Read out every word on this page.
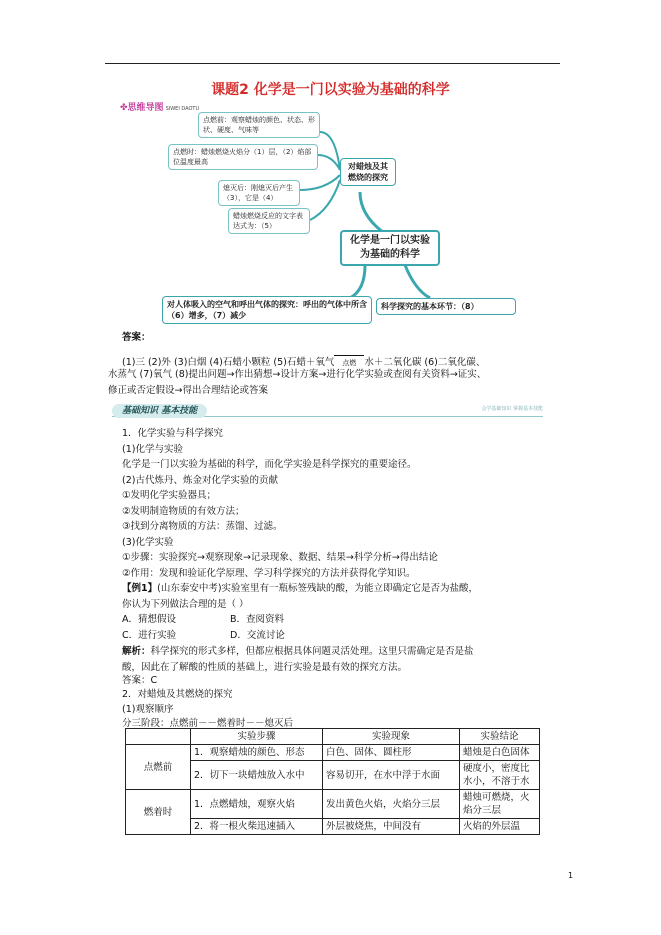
课题2 化学是一门以实验为基础的科学
✤思维导图 SIWEI DAOTU
点燃前：观察蜡烛的颜色、状态、形状、硬度、气味等
点燃时：蜡烛燃烧火焰分（1）层，（2）焰部位温度最高
熄灭后：刚熄灭后产生（3），它是（4）
蜡烛燃烧反应的文字表达式为：（5）
对蜡烛及其燃烧的探究
化学是一门以实验为基础的科学
对人体吸入的空气和呼出气体的探究：呼出的气体中所含（6）增多，（7）减少
科学探究的基本环节：（8）
答案：
(1)三 (2)外 (3)白烟 (4)石蜡小颗粒 (5)石蜡＋氧气	点燃 水＋二氧化碳 (6)二氧化碳、
水蒸气 (7)氧气 (8)提出问题→作出猜想→设计方案→进行化学实验或查阅有关资料→证实、
修正或否定假设→得出合理结论或答案
基础知识 基本技能	会学基础知识 掌握基本技能
1．化学实验与科学探究
(1)化学与实验
化学是一门以实验为基础的科学，而化学实验是科学探究的重要途径。
(2)古代炼丹、炼金对化学实验的贡献
①发明化学实验器具；
②发明制造物质的有效方法；
③找到分离物质的方法：蒸馏、过滤。
(3)化学实验
①步骤：实验探究→观察现象→记录现象、数据、结果→科学分析→得出结论
②作用：发现和验证化学原理、学习科学探究的方法并获得化学知识。
【例1】(山东泰安中考)实验室里有一瓶标签残缺的酸，为能立即确定它是否为盐酸，
你认为下列做法合理的是（ ）
A．猜想假设	B．查阅资料
C．进行实验	D．交流讨论
解析：科学探究的形式多样，但都应根据具体问题灵活处理。这里只需确定是否是盐
酸，因此在了解酸的性质的基础上，进行实验是最有效的探究方法。
答案：C
2．对蜡烛及其燃烧的探究
(1)观察顺序
	实验步骤	实验现象	实验结论
点燃前	1．观察蜡烛的颜色、形态	白色、固体、圆柱形	蜡烛是白色固体
	2．切下一块蜡烛放入水中	容易切开，在水中浮于水面	硬度小，密度比水小，不溶于水
燃着时	1．点燃蜡烛，观察火焰	发出黄色火焰，火焰分三层	蜡烛可燃烧，火焰分三层
	2．将一根火柴迅速插入	外层被烧焦，中间没有	火焰的外层温
分三阶段：点燃前－－燃着时－－熄灭后
1
